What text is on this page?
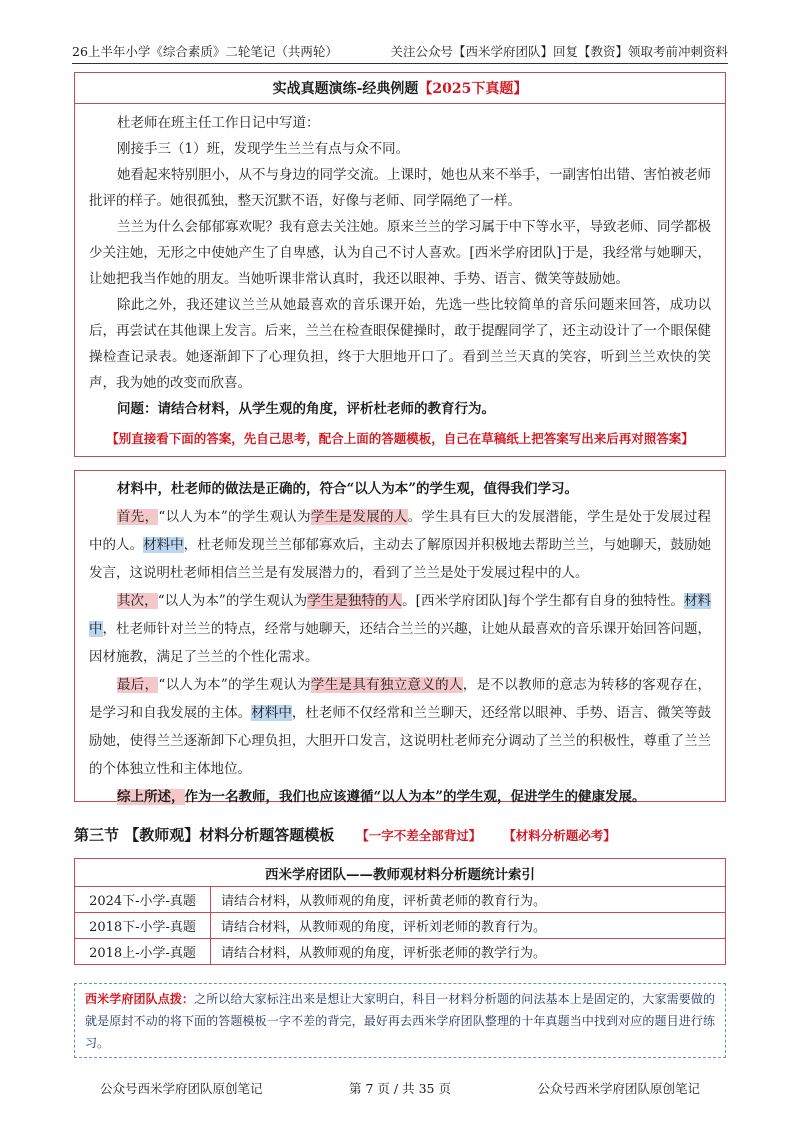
26上半年小学《综合素质》二轮笔记（共两轮）	关注公众号【西米学府团队】回复【教资】领取考前冲刺资料
实战真题演练-经典例题 【2025下真题】

杜老师在班主任工作日记中写道：

刚接手三（1）班，发现学生兰兰有点与众不同。

她看起来特别胆小，从不与身边的同学交流。上课时，她也从来不举手，一副害怕出错、害怕被老师批评的样子。她很孤独，整天沉默不语，好像与老师、同学隔绝了一样。

兰兰为什么会郁郁寡欢呢？我有意去关注她。原来兰兰的学习属于中下等水平，导致老师、同学都极少关注她，无形之中使她产生了自卑感，认为自己不讨人喜欢。[西米学府团队]于是，我经常与她聊天，让她把我当作她的朋友。当她听课非常认真时，我还以眼神、手势、语言、微笑等鼓励她。

除此之外，我还建议兰兰从她最喜欢的音乐课开始，先选一些比较简单的音乐问题来回答，成功以后，再尝试在其他课上发言。后来，兰兰在检查眼保健操时，敢于提醒同学了，还主动设计了一个眼保健操检查记录表。她逐渐卸下了心理负担，终于大胆地开口了。看到兰兰天真的笑容，听到兰兰欢快的笑声，我为她的改变而欣喜。

问题：请结合材料，从学生观的角度，评析杜老师的教育行为。

【别直接看下面的答案，先自己思考，配合上面的答题模板，自己在草稿纸上把答案写出来后再对照答案】

材料中，杜老师的做法是正确的，符合“以人为本”的学生观，值得我们学习。

首先，“以人为本”的学生观认为学生是发展的人。学生具有巨大的发展潜能，学生是处于发展过程中的人。材料中，杜老师发现兰兰郁郁寡欢后，主动去了解原因并积极地去帮助兰兰，与她聊天，鼓励她发言，这说明杜老师相信兰兰是有发展潜力的，看到了兰兰是处于发展过程中的人。

其次，“以人为本”的学生观认为学生是独特的人。[西米学府团队]每个学生都有自身的独特性。材料中，杜老师针对兰兰的特点，经常与她聊天，还结合兰兰的兴趣，让她从最喜欢的音乐课开始回答问题，因材施教，满足了兰兰的个性化需求。

最后，“以人为本”的学生观认为学生是具有独立意义的人，是不以教师的意志为转移的客观存在，是学习和自我发展的主体。材料中，杜老师不仅经常和兰兰聊天，还经常以眼神、手势、语言、微笑等鼓励她，使得兰兰逐渐卸下心理负担，大胆开口发言，这说明杜老师充分调动了兰兰的积极性，尊重了兰兰的个体独立性和主体地位。

综上所述，作为一名教师，我们也应该遵循“以人为本”的学生观，促进学生的健康发展。

第三节 【教师观】材料分析题答题模板 【一字不差全部背过】 【材料分析题必考】
西米学府团队——教师观材料分析题统计索引	
2024下-小学-真题	请结合材料，从教师观的角度，评析黄老师的教育行为。
2018下-小学-真题	请结合材料，从教师观的角度，评析刘老师的教育行为。
2018上-小学-真题	请结合材料，从教师观的角度，评析张老师的教学行为。
西米学府团队点拨：之所以给大家标注出来是想让大家明白，科目一材料分析题的问法基本上是固定的，大家需要做的就是原封不动的将下面的答题模板一字不差的背完，最好再去西米学府团队整理的十年真题当中找到对应的题目进行练习。
公众号西米学府团队原创笔记	第 7 页 / 共 35 页	公众号西米学府团队原创笔记
